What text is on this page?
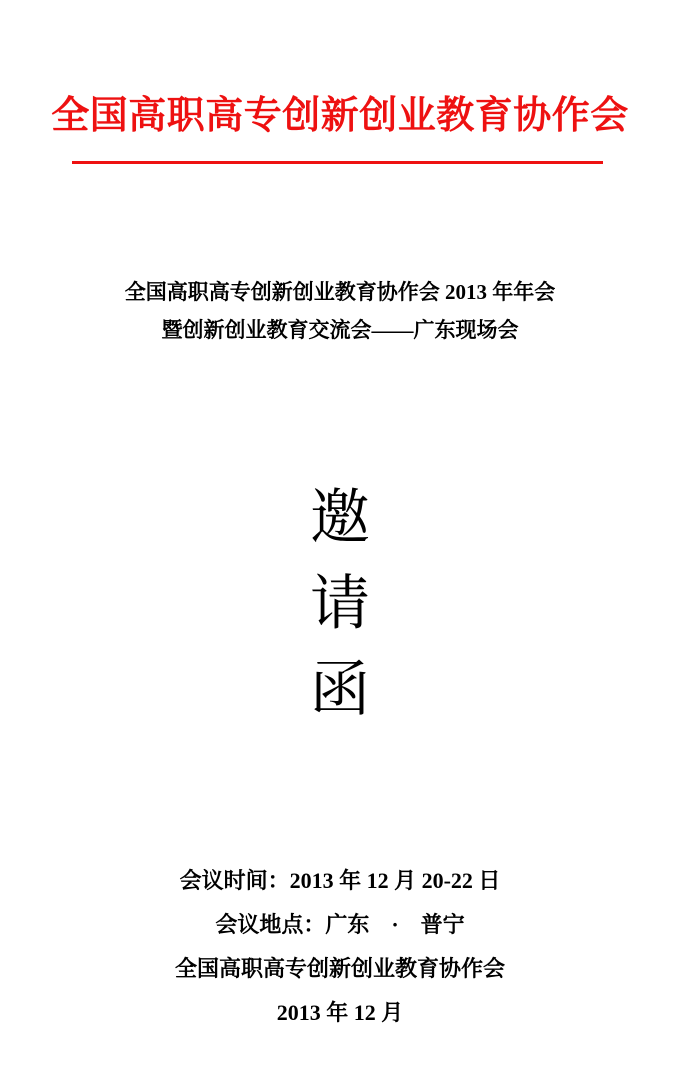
全国高职高专创新创业教育协作会
全国高职高专创新创业教育协作会 2013 年年会
暨创新创业教育交流会——广东现场会
邀
请
函
会议时间：2013 年 12 月 20-22 日
会议地点：广东　·　普宁
全国高职高专创新创业教育协作会
2013 年 12 月
